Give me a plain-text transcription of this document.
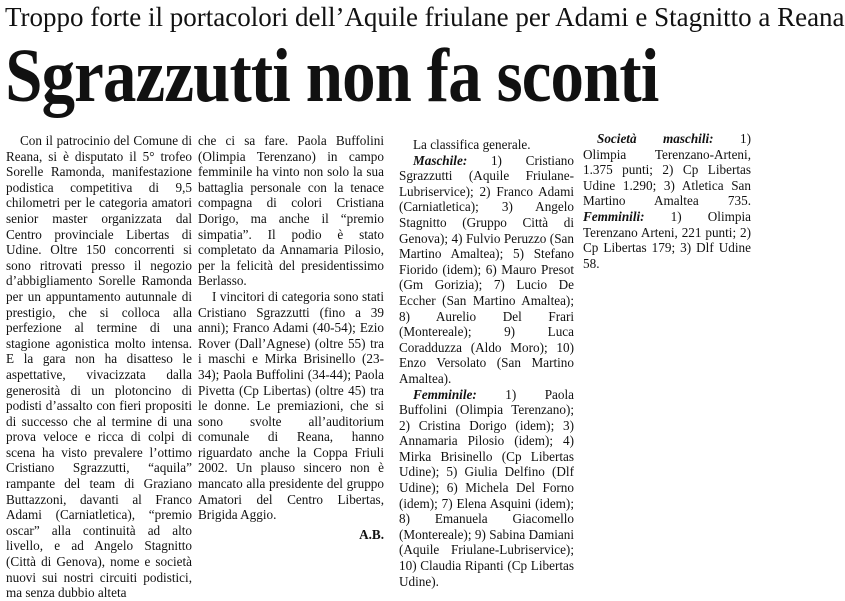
Troppo forte il portacolori dell’Aquile friulane per Adami e Stagnitto a Reana
Sgrazzutti non fa sconti

Con il patrocinio del Comune di Reana, si è disputato il 5° trofeo Sorelle Ramonda, manifestazione podistica competitiva di 9,5 chilometri per le categoria amatori senior master organizzata dal Centro provinciale Libertas di Udine. Oltre 150 concorrenti si sono ritrovati presso il negozio d’abbigliamento Sorelle Ramonda per un appuntamento autunnale di prestigio, che si colloca alla perfezione al termine di una stagione agonistica molto intensa. E la gara non ha disatteso le aspettative, vivacizzata dalla generosità di un plotoncino di podisti d’assalto con fieri propositi di successo che al termine di una prova veloce e ricca di colpi di scena ha visto prevalere l’ottimo Cristiano Sgrazzutti, “aquila” rampante del team di Graziano Buttazzoni, davanti al Franco Adami (Carniatletica), “premio oscar” alla continuità ad alto livello, e ad Angelo Stagnitto (Città di Genova), nome e società nuovi sui nostri circuiti podistici, ma senza dubbio alteta

che ci sa fare. Paola Buffolini (Olimpia Terenzano) in campo femminile ha vinto non solo la sua battaglia personale con la tenace compagna di colori Cristiana Dorigo, ma anche il “premio simpatia”. Il podio è stato completato da Annamaria Pilosio, per la felicità del presidentissimo Berlasso.

I vincitori di categoria sono stati Cristiano Sgrazzutti (fino a 39 anni); Franco Adami (40-54); Ezio Rover (Dall’Agnese) (oltre 55) tra i maschi e Mirka Brisinello (23-34); Paola Buffolini (34-44); Paola Pivetta (Cp Libertas) (oltre 45) tra le donne. Le premiazioni, che si sono svolte all’auditorium comunale di Reana, hanno riguardato anche la Coppa Friuli 2002. Un plauso sincero non è mancato alla presidente del gruppo Amatori del Centro Libertas, Brigida Aggio.

A.B.

La classifica generale.

Maschile: 1) Cristiano Sgrazzutti (Aquile Friulane-Lubriservice); 2) Franco Adami (Carniatletica); 3) Angelo Stagnitto (Gruppo Città di Genova); 4) Fulvio Peruzzo (San Martino Amaltea); 5) Stefano Fiorido (idem); 6) Mauro Presot (Gm Gorizia); 7) Lucio De Eccher (San Martino Amaltea); 8) Aurelio Del Frari (Montereale); 9) Luca Coradduzza (Aldo Moro); 10) Enzo Versolato (San Martino Amaltea).

Femminile: 1) Paola Buffolini (Olimpia Terenzano); 2) Cristina Dorigo (idem); 3) Annamaria Pilosio (idem); 4) Mirka Brisinello (Cp Libertas Udine); 5) Giulia Delfino (Dlf Udine); 6) Michela Del Forno (idem); 7) Elena Asquini (idem); 8) Emanuela Giacomello (Montereale); 9) Sabina Damiani (Aquile Friulane-Lubriservice); 10) Claudia Ripanti (Cp Libertas Udine).

Società maschili: 1) Olimpia Terenzano-Arteni, 1.375 punti; 2) Cp Libertas Udine 1.290; 3) Atletica San Martino Amaltea 735. Femminili: 1) Olimpia Terenzano Arteni, 221 punti; 2) Cp Libertas 179; 3) Dlf Udine 58.
